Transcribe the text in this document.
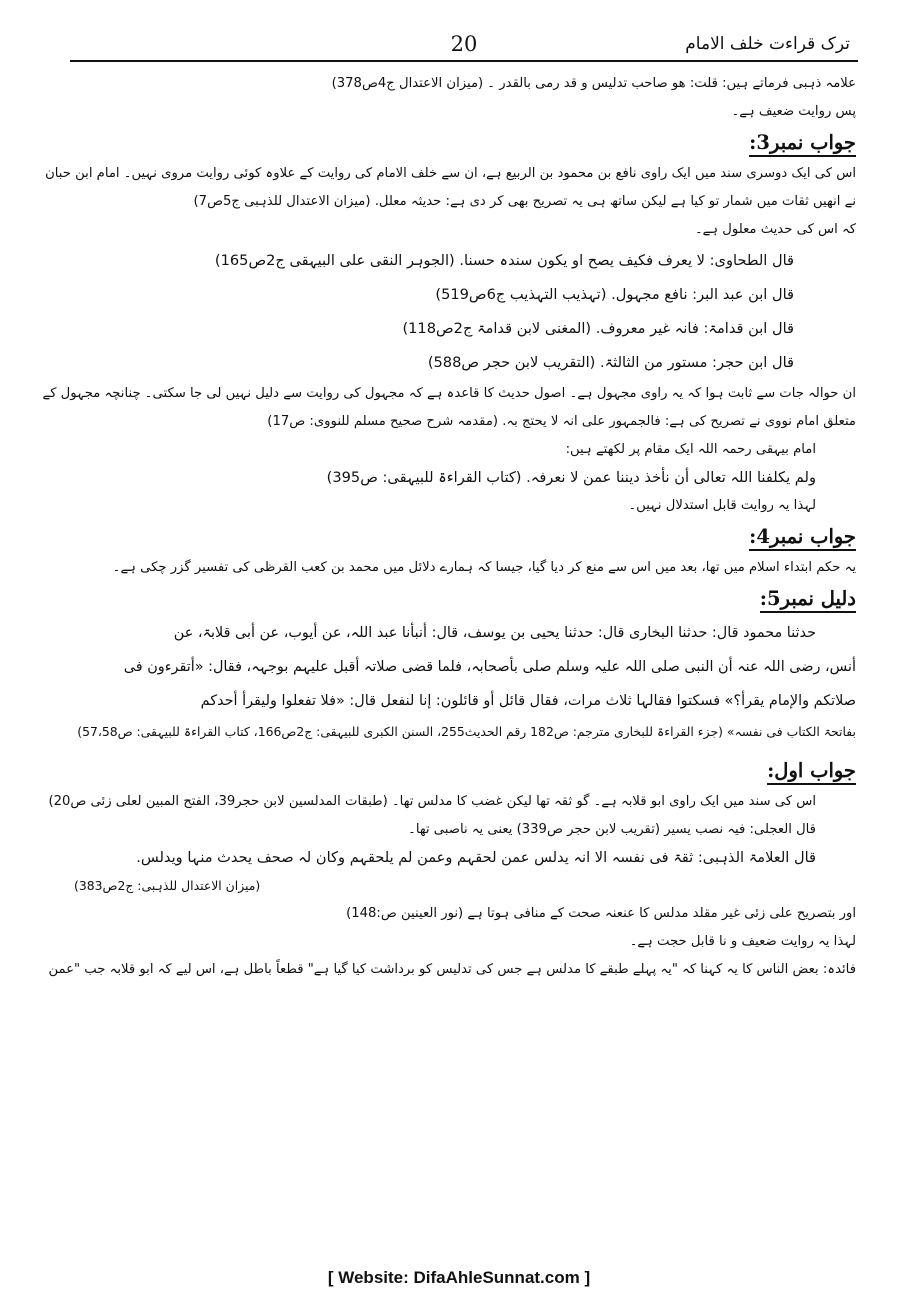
20	ترک قراءت خلف الامام
علامہ ذہبی فرماتے ہیں: قلت: ھو صاحب تدلیس و قد رمی بالقدر ۔ (میزان الاعتدال ج4ص378)
پس روایت ضعیف ہے۔
جواب نمبر3:
اس کی ایک دوسری سند میں ایک راوی نافع بن محمود بن الربیع ہے، ان سے خلف الامام کی روایت کے علاوہ کوئی روایت مروی نہیں۔ امام ابن حبان
نے انھیں ثقات میں شمار تو کیا ہے لیکن ساتھ ہی یہ تصریح بھی کر دی ہے: حدیثہ معلل. (میزان الاعتدال للذہبی ج5ص7)
کہ اس کی حدیث معلول ہے۔
قال الطحاوی: لا یعرف فکیف یصح او یکون سندہ حسنا. (الجوہر النقی علی البیہقی ج2ص165)
قال ابن عبد البر: نافع مجہول. (تہذیب التہذیب ج6ص519)
قال ابن قدامۃ: فانہ غیر معروف. (المغنی لابن قدامۃ ج2ص118)
قال ابن حجر: مستور من الثالثۃ. (التقریب لابن حجر ص588)
ان حوالہ جات سے ثابت ہوا کہ یہ راوی مجہول ہے۔ اصول حدیث کا قاعدہ ہے کہ مجہول کی روایت سے دلیل نہیں لی جا سکتی۔ چنانچہ مجہول کے
متعلق امام نووی نے تصریح کی ہے: فالجمہور علی انہ لا یحتج بہ. (مقدمہ شرح صحیح مسلم للنووی: ص17)
امام بیہقی رحمہ اللہ ایک مقام پر لکھتے ہیں:
ولم یکلفنا اللہ تعالی أن نأخذ دیننا عمن لا نعرفہ. (کتاب القراءۃ للبیہقی: ص395)
لہذا یہ روایت قابل استدلال نہیں۔
جواب نمبر4:
یہ حکم ابتداء اسلام میں تھا، بعد میں اس سے منع کر دیا گیا، جیسا کہ ہمارے دلائل میں محمد بن کعب القرظی کی تفسیر گزر چکی ہے۔
دلیل نمبر5:
حدثنا محمود قال: حدثنا البخاری قال: حدثنا یحیی بن یوسف، قال: أنبأنا عبد اللہ، عن أیوب، عن أبی قلابۃ، عن
أنس، رضی اللہ عنہ أن النبی صلی اللہ علیہ وسلم صلی بأصحابہ، فلما قضی صلاتہ أقبل علیہم بوجہہ، فقال: «أتقرءون فی
صلاتکم والإمام یقرأ؟» فسکتوا فقالہا ثلاث مرات، فقال قائل أو قائلون: إنا لنفعل قال: «فلا تفعلوا ولیقرأ أحدکم
بفاتحۃ الکتاب فی نفسہ» (جزء القراءۃ للبخاری مترجم: ص182 رقم الحدیث255، السنن الکبری للبیہقی: ج2ص166، کتاب القراءۃ للبیہقی: ص57،58)
جواب اول:
اس کی سند میں ایک راوی ابو قلابہ ہے۔ گو ثقہ تھا لیکن غضب کا مدلس تھا۔ (طبقات المدلسین لابن حجر39، الفتح المبین لعلی زئی ص20)
قال العجلی: فیہ نصب یسیر (تقریب لابن حجر ص339) یعنی یہ ناصبی تھا۔
قال العلامۃ الذہبی: ثقۃ فی نفسہ الا انہ یدلس عمن لحقہم وعمن لم یلحقہم وکان لہ صحف یحدث منہا ویدلس.
(میزان الاعتدال للذہبی: ج2ص383)
اور بتصریح علی زئی غیر مقلد مدلس کا عنعنہ صحت کے منافی ہوتا ہے (نور العینین ص:148)
لہذا یہ روایت ضعیف و نا قابل حجت ہے۔
فائدہ: بعض الناس کا یہ کہنا کہ "یہ پہلے طبقے کا مدلس ہے جس کی تدلیس کو برداشت کیا گیا ہے" قطعاً باطل ہے، اس لیے کہ ابو قلابہ جب "عمن
[ Website: DifaAhleSunnat.com ]
